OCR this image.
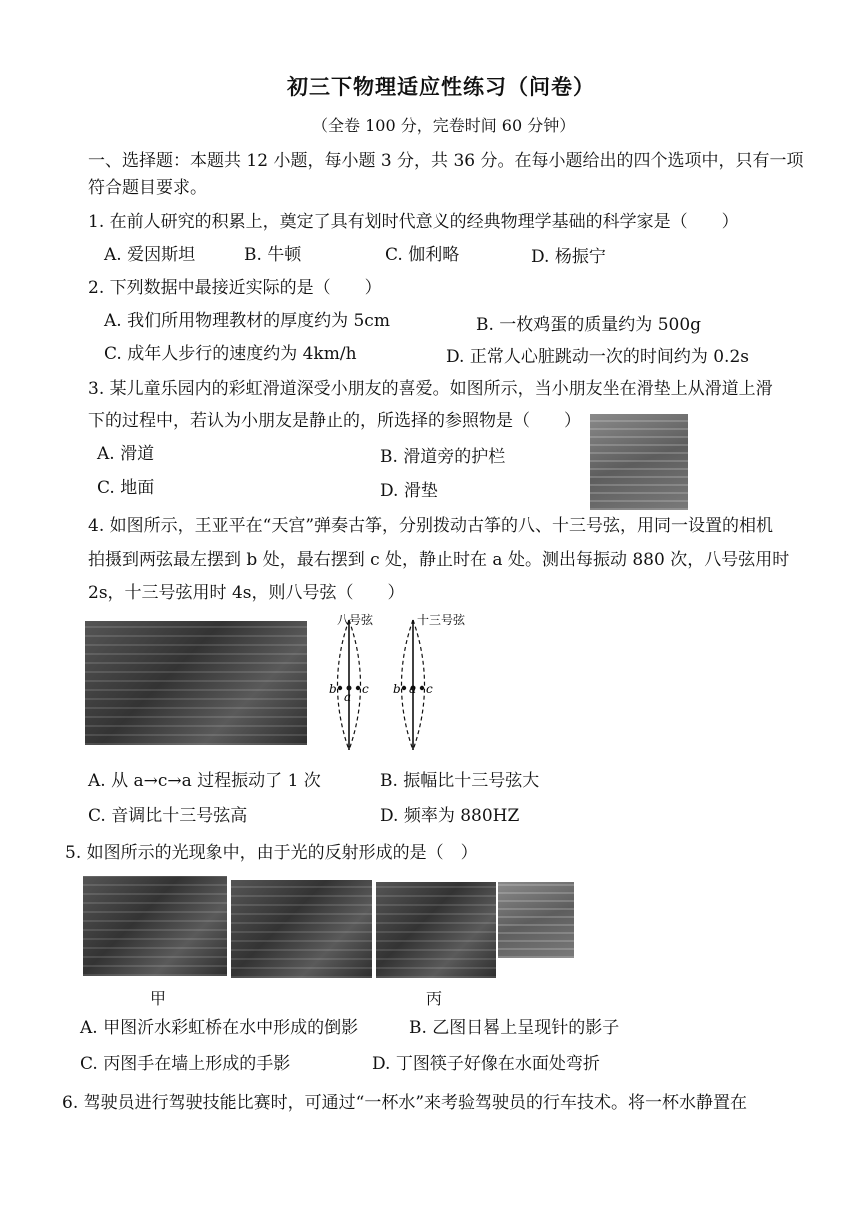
初三下物理适应性练习（问卷）
（全卷 100 分，完卷时间 60 分钟）
一、选择题：本题共 12 小题，每小题 3 分，共 36 分。在每小题给出的四个选项中，只有一项
符合题目要求。
1. 在前人研究的积累上，奠定了具有划时代意义的经典物理学基础的科学家是（　　）
A. 爱因斯坦	B. 牛顿	C. 伽利略	D. 杨振宁
2. 下列数据中最接近实际的是（　　）
A. 我们所用物理教材的厚度约为 5cm	B. 一枚鸡蛋的质量约为 500g
C. 成年人步行的速度约为 4km/h	D. 正常人心脏跳动一次的时间约为 0.2s
3. 某儿童乐园内的彩虹滑道深受小朋友的喜爱。如图所示，当小朋友坐在滑垫上从滑道上滑
下的过程中，若认为小朋友是静止的，所选择的参照物是（　　）
A. 滑道	B. 滑道旁的护栏
C. 地面	D. 滑垫
4. 如图所示，王亚平在“天宫”弹奏古筝，分别拨动古筝的八、十三号弦，用同一设置的相机
拍摄到两弦最左摆到 b 处，最右摆到 c 处，静止时在 a 处。测出每振动 880 次，八号弦用时
2s，十三号弦用时 4s，则八号弦（　　）
八号弦
b
a
c
十三号弦
b a c
A. 从 a→c→a 过程振动了 1 次	B. 振幅比十三号弦大
C. 音调比十三号弦高	D. 频率为 880HZ
5. 如图所示的光现象中，由于光的反射形成的是（　）
甲	丙
A. 甲图沂水彩虹桥在水中形成的倒影	B. 乙图日晷上呈现针的影子
C. 丙图手在墙上形成的手影	D. 丁图筷子好像在水面处弯折
6. 驾驶员进行驾驶技能比赛时，可通过“一杯水”来考验驾驶员的行车技术。将一杯水静置在
